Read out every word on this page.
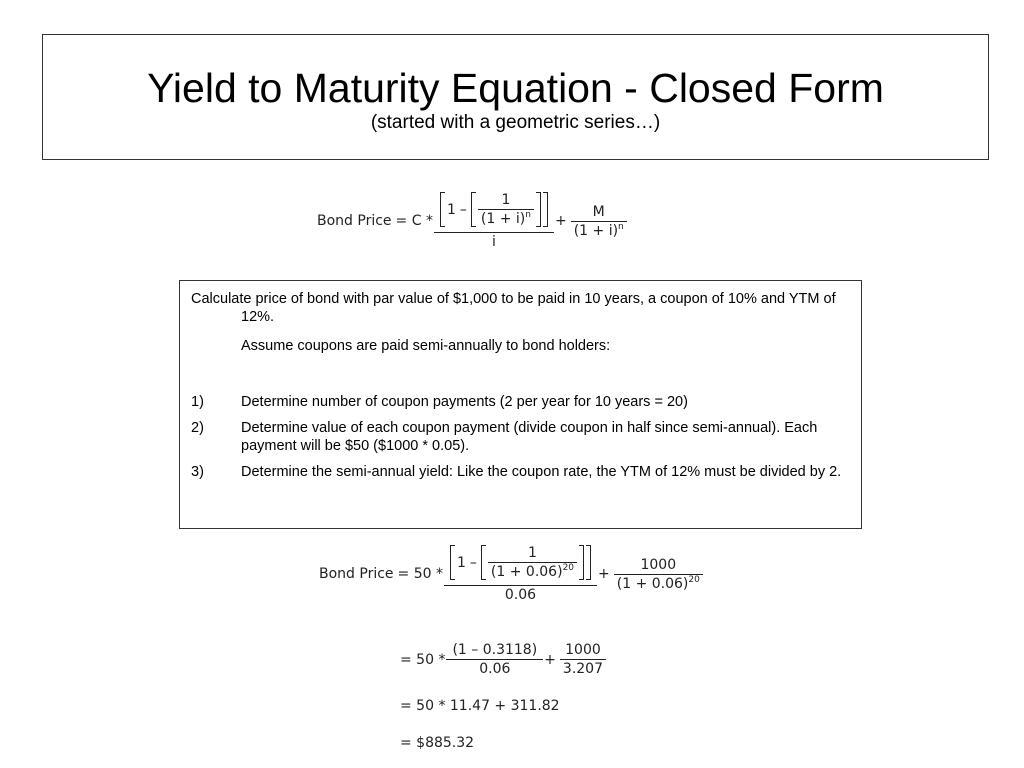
Yield to Maturity Equation - Closed Form
(started with a geometric series…)
Bond Price = C *
$1 - \frac{1}{(1 + i)^n}$
i
+ $\frac{M}{(1 + i)^n}$

Calculate price of bond with par value of $1,000 to be paid in 10 years, a coupon of 10% and YTM of 12%.

Assume coupons are paid semi-annually to bond holders:

1)	Determine number of coupon payments (2 per year for 10 years = 20)

2)	Determine value of each coupon payment (divide coupon in half since semi-annual). Each payment will be $50 ($1000 * 0.05).

3)	Determine the semi-annual yield: Like the coupon rate, the YTM of 12% must be divided by 2.

Bond Price = 50 *
$1 - \frac{1}{(1 + 0.06)^{20}}$
0.06
+ $\frac{1000}{(1 + 0.06)^{20}}$
= $50 * \frac{(1 - 0.3118)}{0.06} + \frac{1000}{3.207}$
= 50 * 11.47 + 311.82
= $885.32
